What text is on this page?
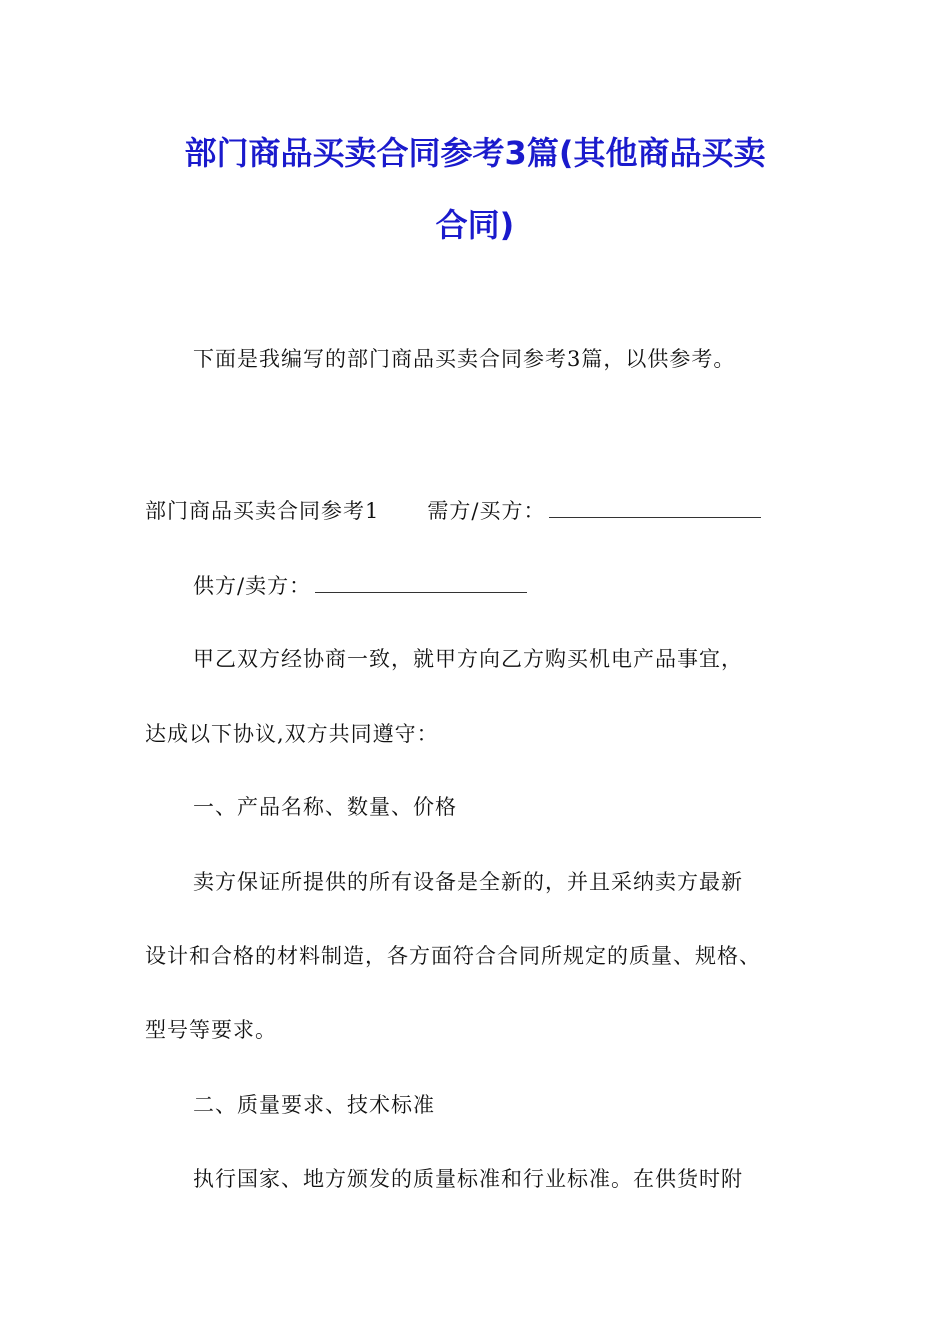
部门商品买卖合同参考3篇(其他商品买卖
合同)
下面是我编写的部门商品买卖合同参考3篇，以供参考。
部门商品买卖合同参考1 需方/买方：
供方/卖方：
甲乙双方经协商一致，就甲方向乙方购买机电产品事宜，
达成以下协议,双方共同遵守：
一、产品名称、数量、价格
卖方保证所提供的所有设备是全新的，并且采纳卖方最新
设计和合格的材料制造，各方面符合合同所规定的质量、规格、
型号等要求。
二、质量要求、技术标准
执行国家、地方颁发的质量标准和行业标准。在供货时附
